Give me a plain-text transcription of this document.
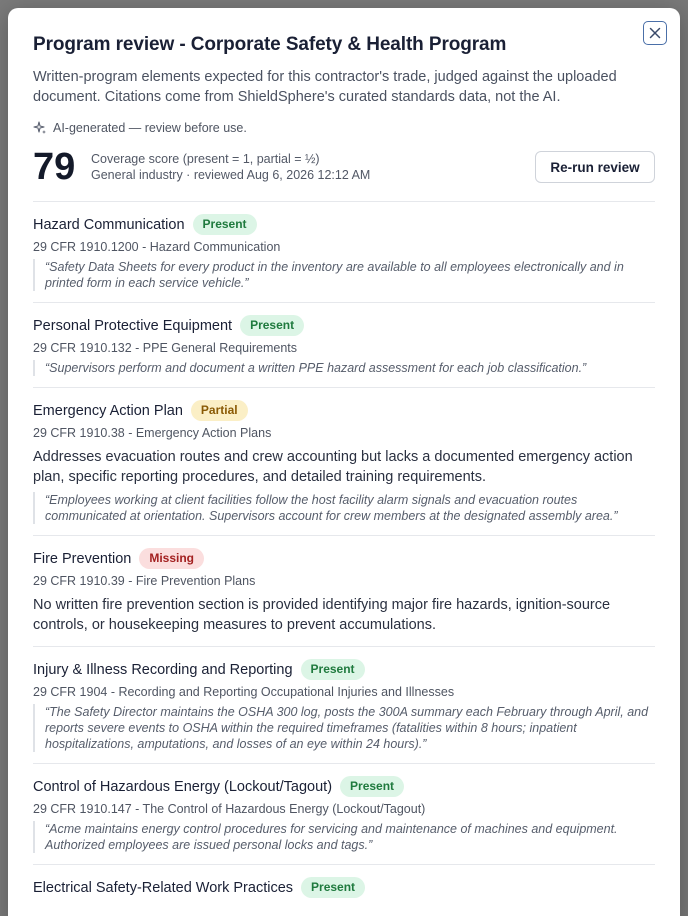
Program review - Corporate Safety & Health Program
Written-program elements expected for this contractor's trade, judged against the uploaded document. Citations come from ShieldSphere's curated standards data, not the AI.
AI-generated — review before use.
79	Coverage score (present = 1, partial = ½)
General industry · reviewed Aug 6, 2026 12:12 AM
Re-run review
Hazard Communication	Present
29 CFR 1910.1200 - Hazard Communication
“Safety Data Sheets for every product in the inventory are available to all employees electronically and in printed form in each service vehicle.”
Personal Protective Equipment	Present
29 CFR 1910.132 - PPE General Requirements
“Supervisors perform and document a written PPE hazard assessment for each job classification.”
Emergency Action Plan	Partial
29 CFR 1910.38 - Emergency Action Plans
Addresses evacuation routes and crew accounting but lacks a documented emergency action plan, specific reporting procedures, and detailed training requirements.
“Employees working at client facilities follow the host facility alarm signals and evacuation routes communicated at orientation. Supervisors account for crew members at the designated assembly area.”
Fire Prevention	Missing
29 CFR 1910.39 - Fire Prevention Plans
No written fire prevention section is provided identifying major fire hazards, ignition-source controls, or housekeeping measures to prevent accumulations.
Injury & Illness Recording and Reporting	Present
29 CFR 1904 - Recording and Reporting Occupational Injuries and Illnesses
“The Safety Director maintains the OSHA 300 log, posts the 300A summary each February through April, and reports severe events to OSHA within the required timeframes (fatalities within 8 hours; inpatient hospitalizations, amputations, and losses of an eye within 24 hours).”
Control of Hazardous Energy (Lockout/Tagout)	Present
29 CFR 1910.147 - The Control of Hazardous Energy (Lockout/Tagout)
“Acme maintains energy control procedures for servicing and maintenance of machines and equipment. Authorized employees are issued personal locks and tags.”
Electrical Safety-Related Work Practices	Present
